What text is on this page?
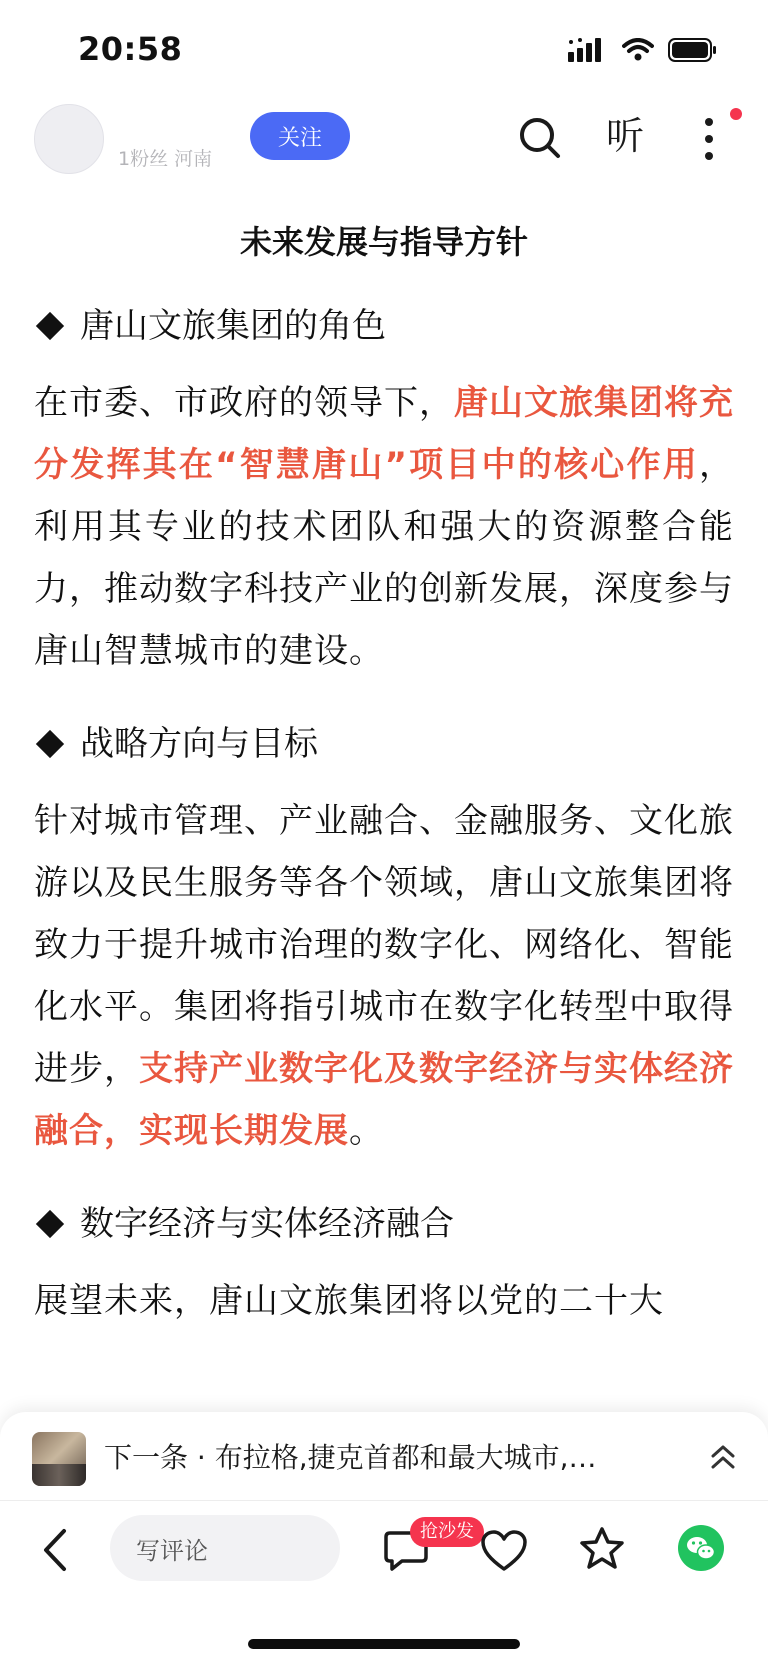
20:58
1粉丝 河南
关注	听
未来发展与指导方针
唐山文旅集团的角色

在市委、市政府的领导下，唐山文旅集团将充分发挥其在“智慧唐山”项目中的核心作用，利用其专业的技术团队和强大的资源整合能力，推动数字科技产业的创新发展，深度参与唐山智慧城市的建设。

战略方向与目标

针对城市管理、产业融合、金融服务、文化旅游以及民生服务等各个领域，唐山文旅集团将致力于提升城市治理的数字化、网络化、智能化水平。集团将指引城市在数字化转型中取得进步，支持产业数字化及数字经济与实体经济融合，实现长期发展。

数字经济与实体经济融合

展望未来，唐山文旅集团将以党的二十大

下一条 · 布拉格,捷克首都和最大城市,…
写评论
抢沙发
